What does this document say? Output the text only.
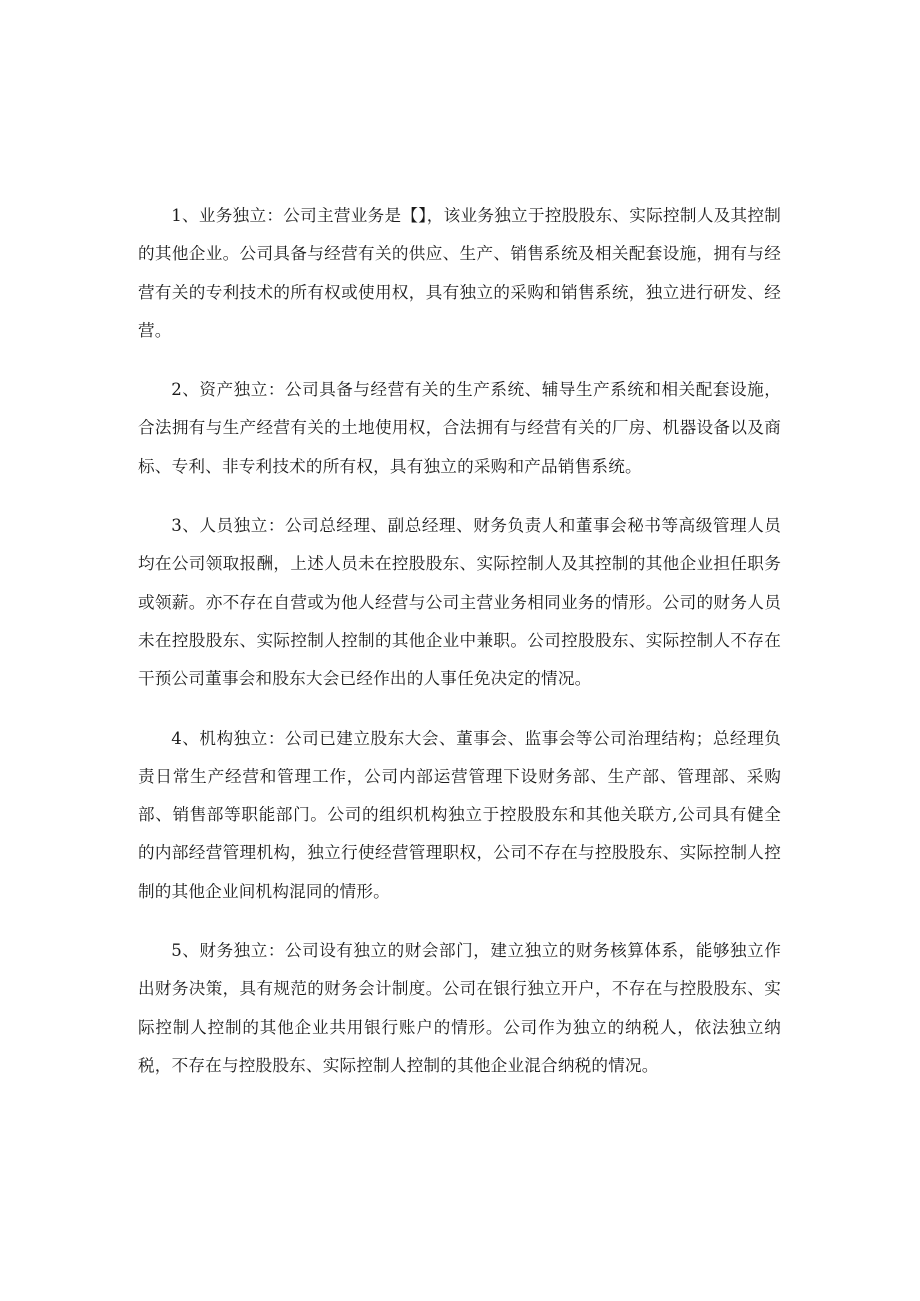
1、业务独立：公司主营业务是【】，该业务独立于控股股东、实际控制人及其控制的其他企业。公司具备与经营有关的供应、生产、销售系统及相关配套设施，拥有与经营有关的专利技术的所有权或使用权，具有独立的采购和销售系统，独立进行研发、经营。

2、资产独立：公司具备与经营有关的生产系统、辅导生产系统和相关配套设施，合法拥有与生产经营有关的土地使用权，合法拥有与经营有关的厂房、机器设备以及商标、专利、非专利技术的所有权，具有独立的采购和产品销售系统。

3、人员独立：公司总经理、副总经理、财务负责人和董事会秘书等高级管理人员均在公司领取报酬，上述人员未在控股股东、实际控制人及其控制的其他企业担任职务或领薪。亦不存在自营或为他人经营与公司主营业务相同业务的情形。公司的财务人员未在控股股东、实际控制人控制的其他企业中兼职。公司控股股东、实际控制人不存在干预公司董事会和股东大会已经作出的人事任免决定的情况。

4、机构独立：公司已建立股东大会、董事会、监事会等公司治理结构；总经理负责日常生产经营和管理工作，公司内部运营管理下设财务部、生产部、管理部、采购部、销售部等职能部门。公司的组织机构独立于控股股东和其他关联方,公司具有健全的内部经营管理机构，独立行使经营管理职权，公司不存在与控股股东、实际控制人控制的其他企业间机构混同的情形。

5、财务独立：公司设有独立的财会部门，建立独立的财务核算体系，能够独立作出财务决策，具有规范的财务会计制度。公司在银行独立开户，不存在与控股股东、实际控制人控制的其他企业共用银行账户的情形。公司作为独立的纳税人，依法独立纳税，不存在与控股股东、实际控制人控制的其他企业混合纳税的情况。
